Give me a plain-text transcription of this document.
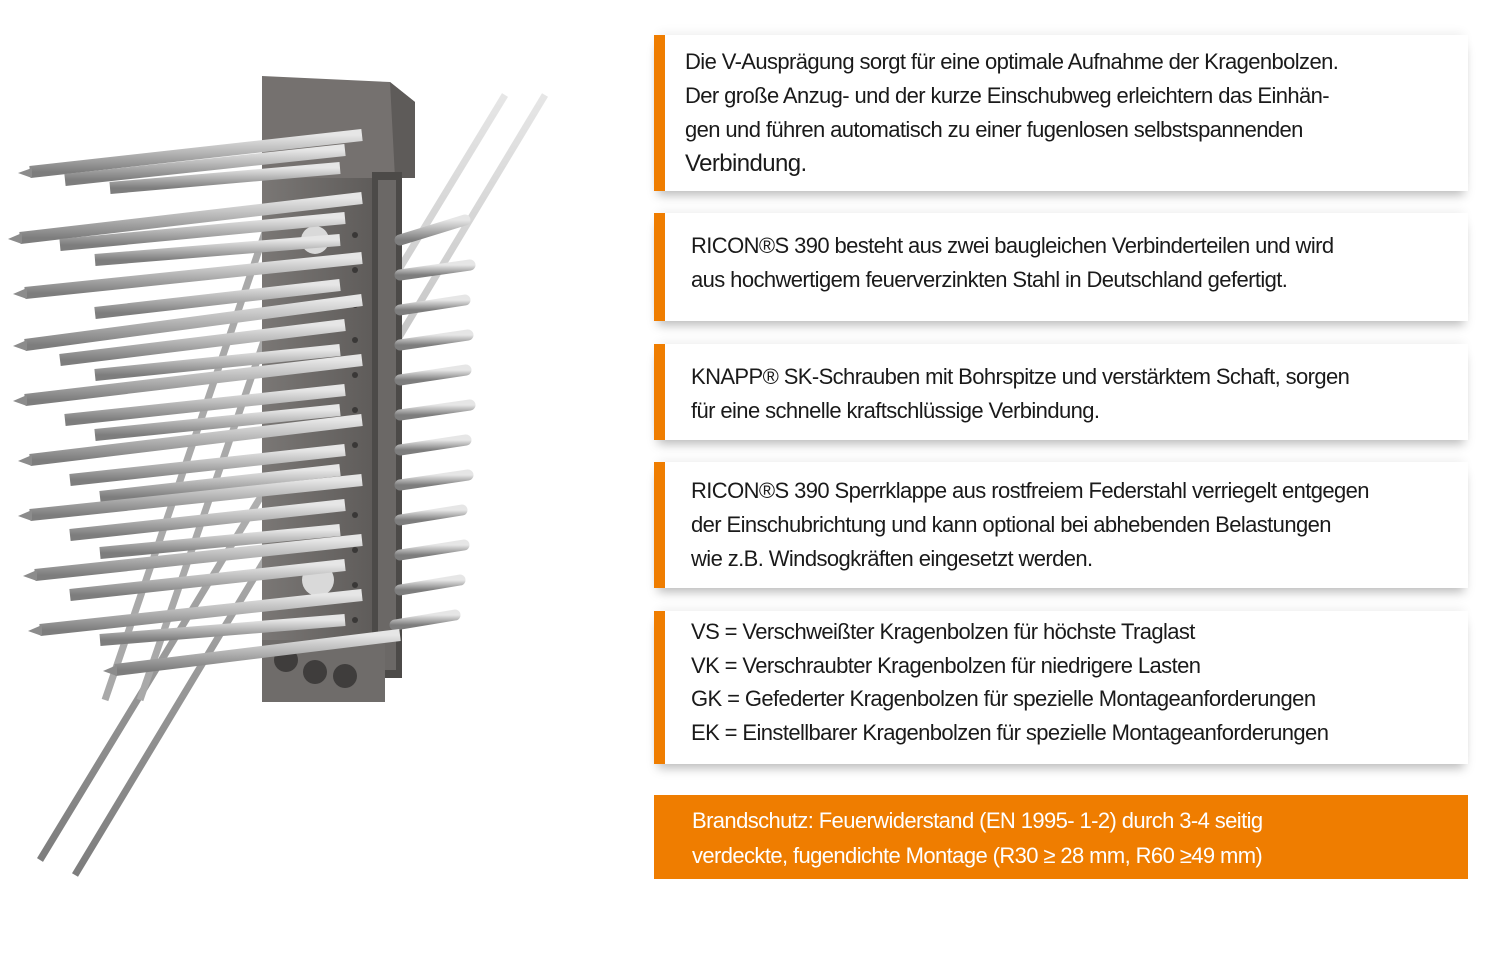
Die V-Ausprägung sorgt für eine optimale Aufnahme der Kragenbolzen.
Der große Anzug- und der kurze Einschubweg erleichtern das Einhän-
gen und führen automatisch zu einer fugenlosen selbstspannenden
Verbindung.

RICON®S 390 besteht aus zwei baugleichen Verbinderteilen und wird
aus hochwertigem feuerverzinkten Stahl in Deutschland gefertigt.

KNAPP® SK-Schrauben mit Bohrspitze und verstärktem Schaft, sorgen
für eine schnelle kraftschlüssige Verbindung.

RICON®S 390 Sperrklappe aus rostfreiem Federstahl verriegelt entgegen
der Einschubrichtung und kann optional bei abhebenden Belastungen
wie z.B. Windsogkräften eingesetzt werden.

VS = Verschweißter Kragenbolzen für höchste Traglast
VK = Verschraubter Kragenbolzen für niedrigere Lasten
GK = Gefederter Kragenbolzen für spezielle Montageanforderungen
EK = Einstellbarer Kragenbolzen für spezielle Montageanforderungen

Brandschutz: Feuerwiderstand (EN 1995- 1-2) durch 3-4 seitig
verdeckte, fugendichte Montage (R30 ≥ 28 mm, R60 ≥49 mm)
